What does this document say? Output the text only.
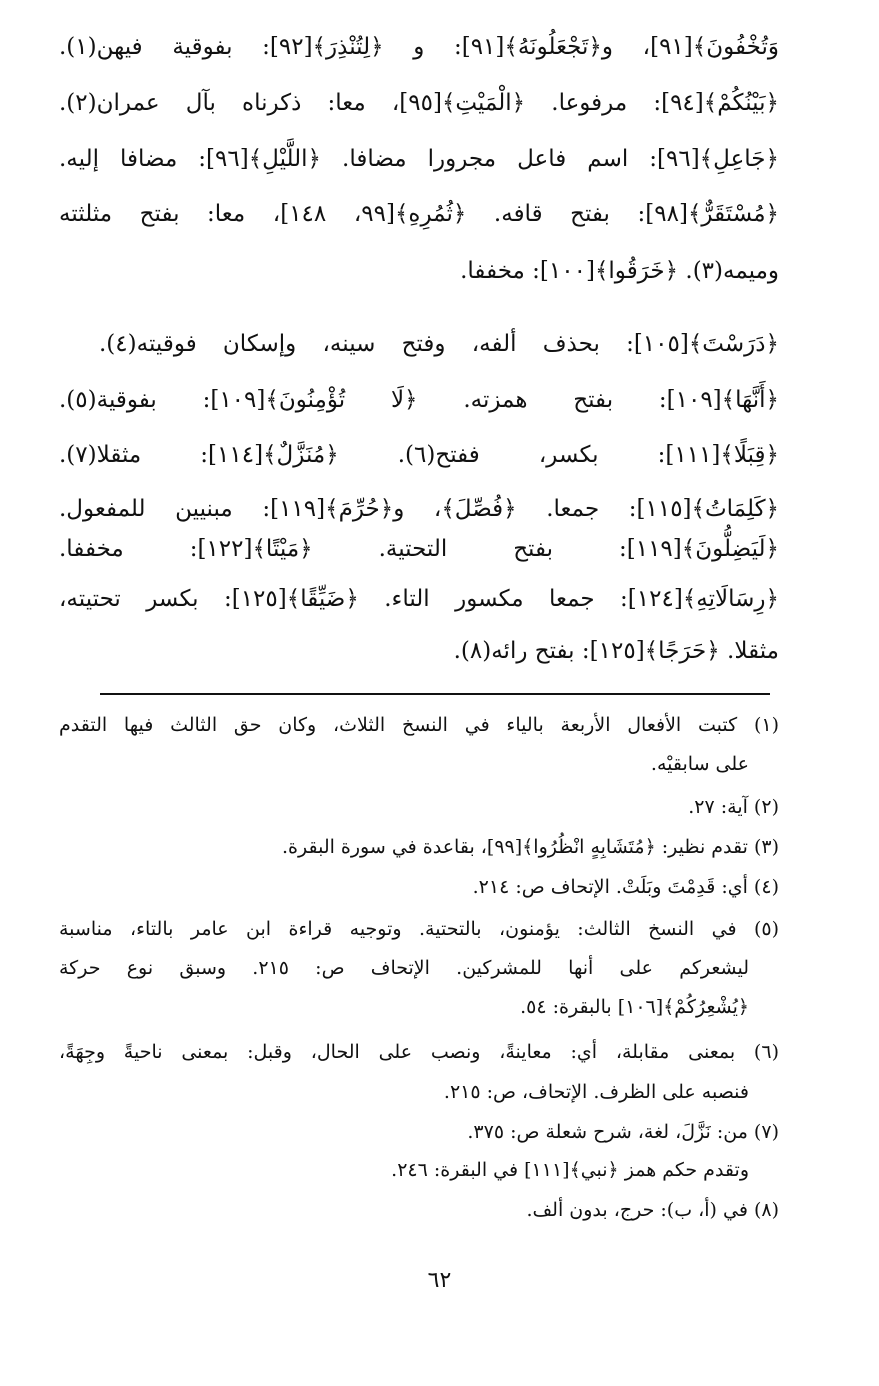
وَتُخْفُونَ﴾[٩١]، و﴿تَجْعَلُونَهُ﴾[٩١]: و ﴿لِتُنْذِرَ﴾[٩٢]: بفوقية فيهن(١).
﴿بَيْنُكُمْ﴾[٩٤]: مرفوعا. ﴿الْمَيْتِ﴾[٩٥]، معا: ذكرناه بآل عمران(٢).
﴿جَاعِلِ﴾[٩٦]: اسم فاعل مجرورا مضافا. ﴿اللَّيْلِ﴾[٩٦]: مضافا إليه.
﴿مُسْتَقَرٌّ﴾[٩٨]: بفتح قافه. ﴿ثُمُرِهِ﴾[٩٩، ١٤٨]، معا: بفتح مثلثته
وميمه(٣). ﴿خَرَقُوا﴾[١٠٠]: مخففا.
﴿دَرَسْتَ﴾[١٠٥]: بحذف ألفه، وفتح سينه، وإسكان فوقيته(٤).
﴿أَنَّهَا﴾[١٠٩]: بفتح همزته. ﴿لَا تُؤْمِنُونَ﴾[١٠٩]: بفوقية(٥).
﴿قِبَلًا﴾[١١١]: بكسر، ففتح(٦). ﴿مُنَزَّلٌ﴾[١١٤]: مثقلا(٧).
﴿كَلِمَاتُ﴾[١١٥]: جمعا. ﴿فُصِّلَ﴾، و﴿حُرِّمَ﴾[١١٩]: مبنيين للمفعول.
﴿لَيَضِلُّونَ﴾[١١٩]: بفتح التحتية. ﴿مَيْتًا﴾[١٢٢]: مخففا.
﴿رِسَالَاتِهِ﴾[١٢٤]: جمعا مكسور التاء. ﴿ضَيِّقًا﴾[١٢٥]: بكسر تحتيته،
مثقلا. ﴿حَرَجًا﴾[١٢٥]: بفتح رائه(٨).
(١) كتبت الأفعال الأربعة بالياء في النسخ الثلاث، وكان حق الثالث فيها التقدم
على سابقيْه.
(٢) آية: ٢٧.
(٣) تقدم نظير: ﴿مُتَشَابِهٍ انْظُرُوا﴾[٩٩]، بقاعدة في سورة البقرة.
(٤) أي: قَدِمْتَ وبَلَتْ. الإتحاف ص: ٢١٤.
(٥) في النسخ الثالث: يؤمنون، بالتحتية. وتوجيه قراءة ابن عامر بالتاء، مناسبة
ليشعركم على أنها للمشركين. الإتحاف ص: ٢١٥. وسبق نوع حركة
﴿يُشْعِرُكُمْ﴾[١٠٦] بالبقرة: ٥٤.
(٦) بمعنى مقابلة، أي: معاينةً، ونصب على الحال، وقبل: بمعنى ناحيةً وجِهَةً،
فنصبه على الظرف. الإتحاف، ص: ٢١٥.
(٧) من: نَزَّلَ، لغة، شرح شعلة ص: ٣٧٥.
وتقدم حكم همز ﴿نبي﴾[١١١] في البقرة: ٢٤٦.
(٨) في (أ، ب): حرج، بدون ألف.
٦٢
